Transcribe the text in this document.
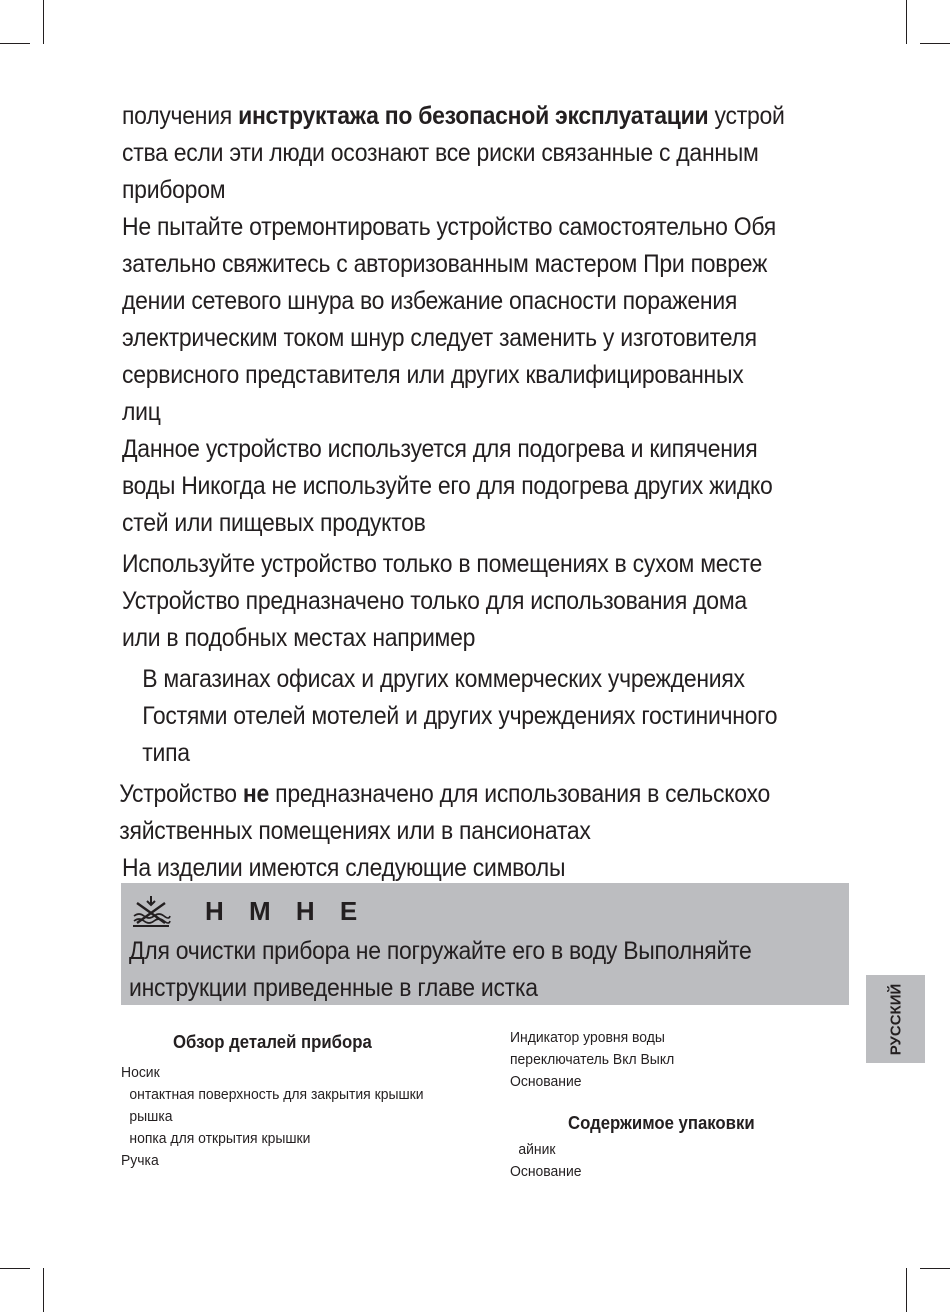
получения инструктажа по безопасной эксплуатации устрой

ства если эти люди осознают все риски связанные с данным

прибором

Не пытайте отремонтировать устройство самостоятельно Обя

зательно свяжитесь с авторизованным мастером При повреж

дении сетевого шнура во избежание опасности поражения

электрическим током шнур следует заменить у изготовителя

сервисного представителя или других квалифицированных

лиц

Данное устройство используется для подогрева и кипячения

воды Никогда не используйте его для подогрева других жидко

стей или пищевых продуктов

Используйте устройство только в помещениях в сухом месте

Устройство предназначено только для использования дома

или в подобных местах например

В магазинах офисах и других коммерческих учреждениях

Гостями отелей мотелей и других учреждениях гостиничного

типа

Устройство не предназначено для использования в сельскохо

зяйственных помещениях или в пансионатах

На изделии имеются следующие символы

Н М Н Е

Для очистки прибора не погружайте его в воду Выполняйте

инструкции приведенные в главе истка	РУССКИЙ

Обзор деталей прибора

Носик

онтактная поверхность для закрытия крышки

рышка

нопка для открытия крышки

Ручка

Индикатор уровня воды

переключатель Вкл Выкл

Основание

Содержимое упаковки

айник

Основание
